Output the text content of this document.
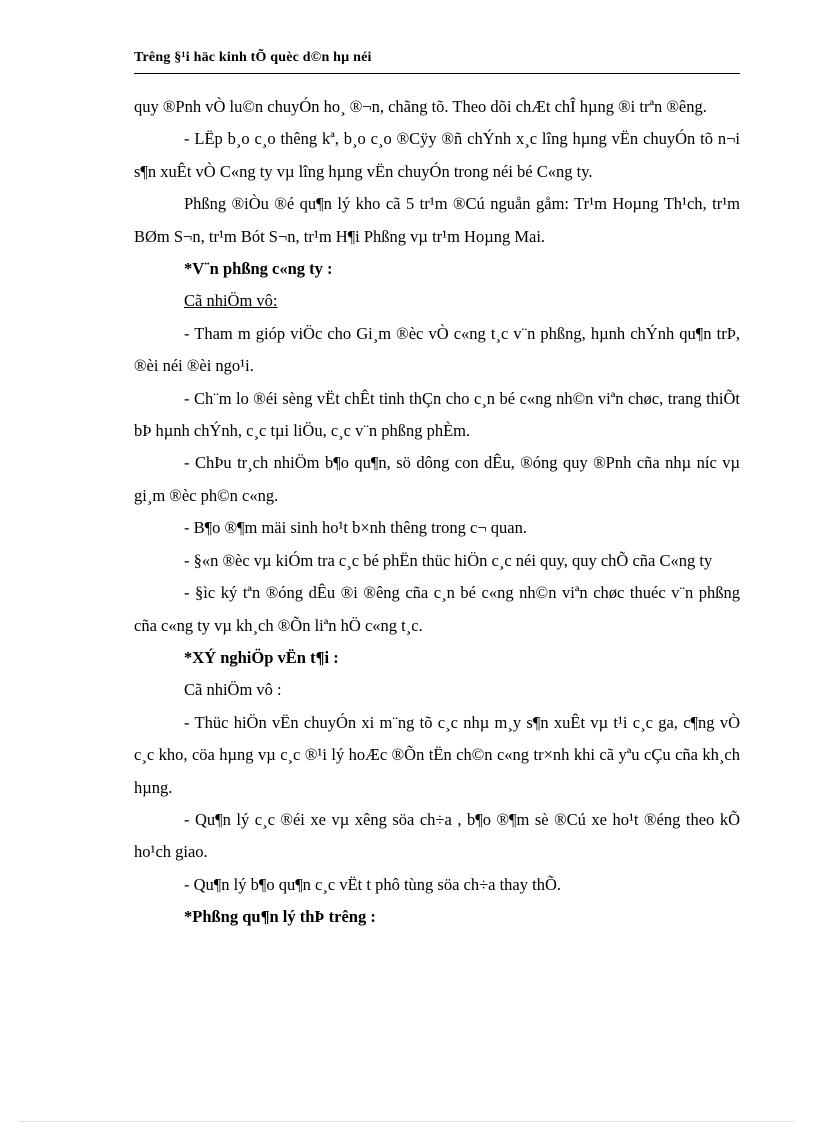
Trêng §¹i häc kinh tÕ quèc d©n hµ néi

quy ®Pnh vÒ lu©n chuyÓn ho¸ ®¬n, chãng tõ. Theo dõi chÆt chÎ hµng ®i trªn ®êng.

- LËp b¸o c¸o thêng kª, b¸o c¸o ®Cÿy ®ñ chÝnh x¸c lîng hµng vËn chuyÓn tõ n¬i s¶n xuÊt vÒ C«ng ty vµ lîng hµng vËn chuyÓn trong néi bé C«ng ty.

Phßng ®iÒu ®é qu¶n lý kho cã 5 tr¹m ®Cú nguån gåm: Tr¹m Hoµng Th¹ch, tr¹m BØm S¬n, tr¹m Bót S¬n, tr¹m H¶i Phßng vµ tr¹m Hoµng Mai.

*V¨n phßng c«ng ty :

Cã nhiÖm vô:

- Tham m gióp viÖc cho Gi¸m ®èc vÒ c«ng t¸c v¨n phßng, hµnh chÝnh qu¶n trÞ, ®èi néi ®èi ngo¹i.

- Ch¨m lo ®éi sèng vËt chÊt tinh thÇn cho c¸n bé c«ng nh©n viªn chøc, trang thiÕt bÞ hµnh chÝnh, c¸c tµi liÖu, c¸c v¨n phßng phÈm.

- ChÞu tr¸ch nhiÖm b¶o qu¶n, sö dông con dÊu, ®óng quy ®Pnh cña nhµ níc vµ gi¸m ®èc ph©n c«ng.

- B¶o ®¶m mäi sinh ho¹t b×nh thêng trong c¬ quan.

- §«n ®èc vµ kiÓm tra c¸c bé phËn thüc hiÖn c¸c néi quy, quy chÕ cña C«ng ty

- §ìc ký tªn ®óng dÊu ®i ®êng cña c¸n bé c«ng nh©n viªn chøc thuéc v¨n phßng cña c«ng ty vµ kh¸ch ®Õn liªn hÖ c«ng t¸c.

*XÝ nghiÖp vËn t¶i :

Cã nhiÖm vô :

- Thüc hiÖn vËn chuyÓn xi m¨ng tõ c¸c nhµ m¸y s¶n xuÊt vµ t¹i c¸c ga, c¶ng vÒ c¸c kho, cöa hµng vµ c¸c ®¹i lý hoÆc ®Õn tËn ch©n c«ng tr×nh khi cã yªu cÇu cña kh¸ch hµng.

- Qu¶n lý c¸c ®éi xe vµ xêng söa ch÷a , b¶o ®¶m sè ®Cú xe ho¹t ®éng theo kÕ ho¹ch giao.

- Qu¶n lý b¶o qu¶n c¸c vËt t phô tùng söa ch÷a thay thÕ.

*Phßng qu¶n lý thÞ trêng :
